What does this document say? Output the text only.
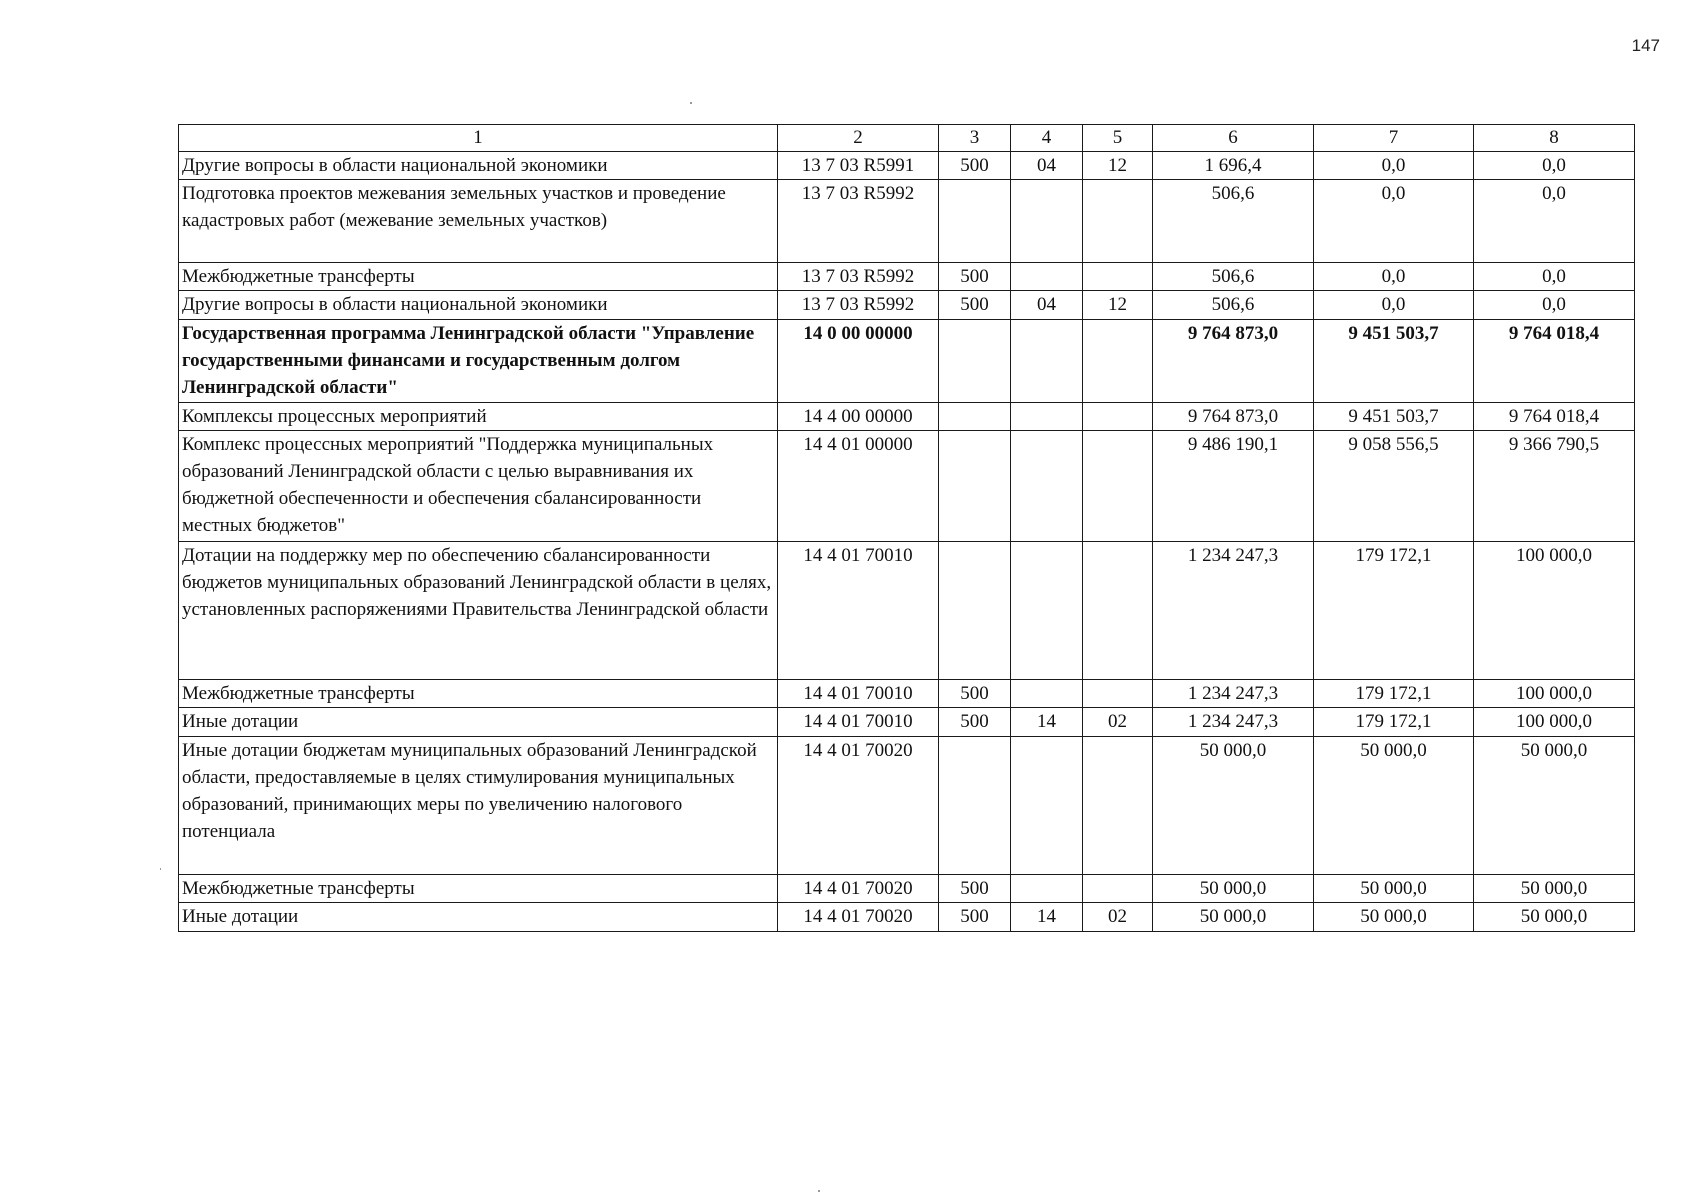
147
1	2	3	4	5	6	7	8
Другие вопросы в области национальной экономики	13 7 03 R5991	500	04	12	1 696,4	0,0	0,0
Подготовка проектов межевания земельных участков и проведение кадастровых работ (межевание земельных участков)	13 7 03 R5992				506,6	0,0	0,0
Межбюджетные трансферты	13 7 03 R5992	500			506,6	0,0	0,0
Другие вопросы в области национальной экономики	13 7 03 R5992	500	04	12	506,6	0,0	0,0
Государственная программа Ленинградской области "Управление государственными финансами и государственным долгом Ленинградской области"	14 0 00 00000				9 764 873,0	9 451 503,7	9 764 018,4
Комплексы процессных мероприятий	14 4 00 00000				9 764 873,0	9 451 503,7	9 764 018,4
Комплекс процессных мероприятий "Поддержка муниципальных образований Ленинградской области с целью выравнивания их бюджетной обеспеченности и обеспечения сбалансированности местных бюджетов"	14 4 01 00000				9 486 190,1	9 058 556,5	9 366 790,5
Дотации на поддержку мер по обеспечению сбалансированности бюджетов муниципальных образований Ленинградской области в целях, установленных распоряжениями Правительства Ленинградской области	14 4 01 70010				1 234 247,3	179 172,1	100 000,0
Межбюджетные трансферты	14 4 01 70010	500			1 234 247,3	179 172,1	100 000,0
Иные дотации	14 4 01 70010	500	14	02	1 234 247,3	179 172,1	100 000,0
Иные дотации бюджетам муниципальных образований Ленинградской области, предоставляемые в целях стимулирования муниципальных образований, принимающих меры по увеличению налогового потенциала	14 4 01 70020				50 000,0	50 000,0	50 000,0
Межбюджетные трансферты	14 4 01 70020	500			50 000,0	50 000,0	50 000,0
Иные дотации	14 4 01 70020	500	14	02	50 000,0	50 000,0	50 000,0
